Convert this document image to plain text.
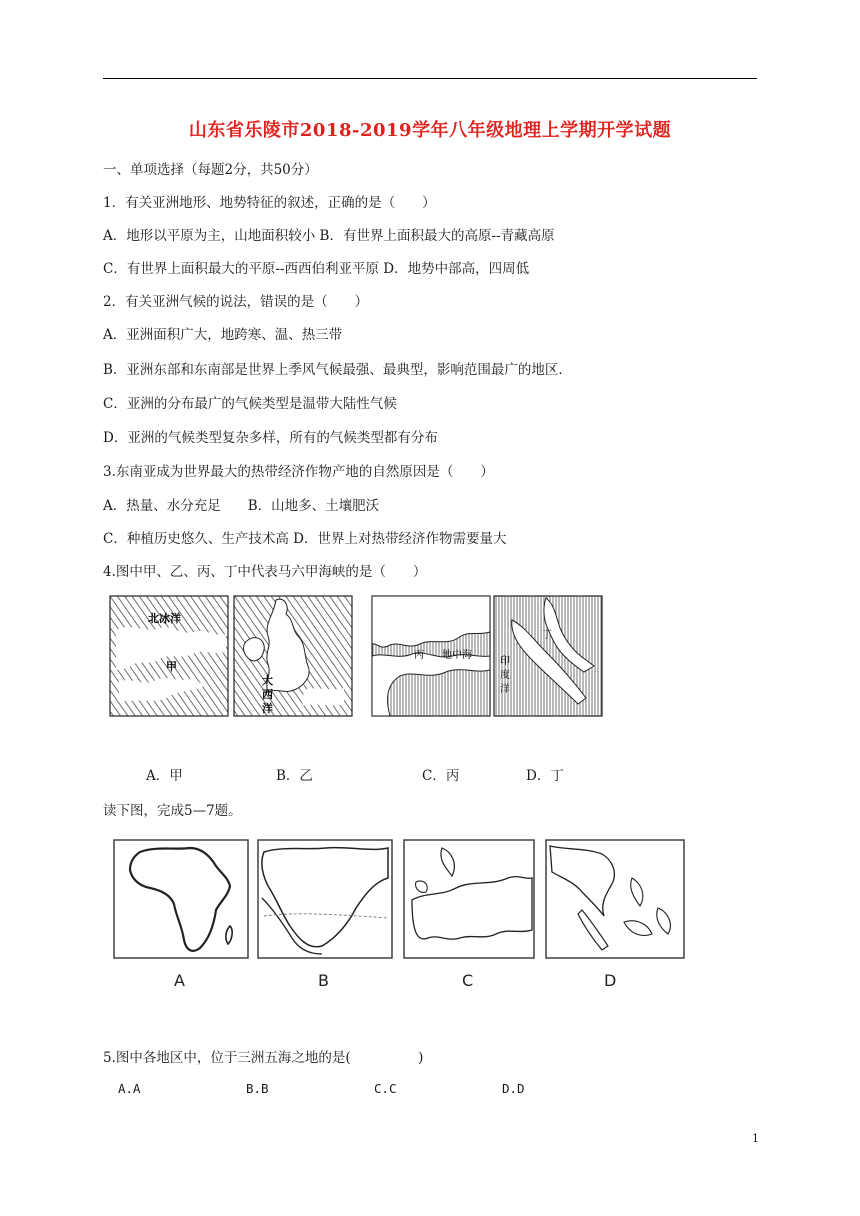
山东省乐陵市2018-2019学年八年级地理上学期开学试题
一、单项选择（每题2分，共50分）
1．有关亚洲地形、地势特征的叙述，正确的是（　　）
A．地形以平原为主，山地面积较小 B．有世界上面积最大的高原--青藏高原
C．有世界上面积最大的平原--西西伯利亚平原 D．地势中部高，四周低
2．有关亚洲气候的说法，错误的是（　　）
A．亚洲面积广大，地跨寒、温、热三带
B．亚洲东部和东南部是世界上季风气候最强、最典型，影响范围最广的地区．
C．亚洲的分布最广的气候类型是温带大陆性气候
D．亚洲的气候类型复杂多样，所有的气候类型都有分布
3.东南亚成为世界最大的热带经济作物产地的自然原因是（　　）
A．热量、水分充足　　B．山地多、土壤肥沃
C．种植历史悠久、生产技术高 D．世界上对热带经济作物需要量大
4.图中甲、乙、丙、丁中代表马六甲海峡的是（　　）
北冰洋
甲
大
西
洋
丙 地中海
丁
印
度
洋
A．甲	B．乙	C．丙	D．丁
读下图，完成5—7题。
A	B	C	D
5.图中各地区中，位于三洲五海之地的是(　　　　　)
A.A	B.B	C.C	D.D
1
